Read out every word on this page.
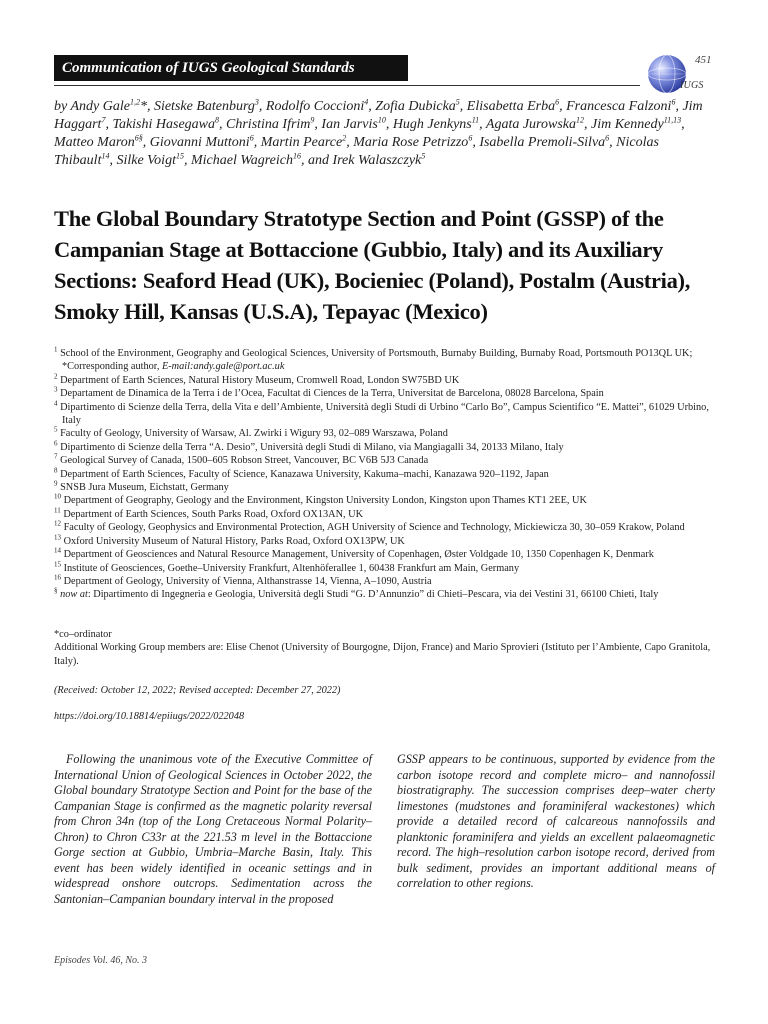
Communication of IUGS Geological Standards	451
IUGS
by Andy Gale$^{1,2}$*, Sietske Batenburg$^3$, Rodolfo Coccioni$^4$, Zofia Dubicka$^5$, Elisabetta Erba$^6$, Francesca Falzoni$^6$, Jim Haggart$^7$, Takishi Hasegawa$^8$, Christina Ifrim$^9$, Ian Jarvis$^{10}$, Hugh Jenkyns$^{11}$, Agata Jurowska$^{12}$, Jim Kennedy$^{11,13}$, Matteo Maron$^{6\S}$, Giovanni Muttoni$^6$, Martin Pearce$^2$, Maria Rose Petrizzo$^6$, Isabella Premoli-Silva$^6$, Nicolas Thibault$^{14}$, Silke Voigt$^{15}$, Michael Wagreich$^{16}$, and Irek Walaszczyk$^5$
The Global Boundary Stratotype Section and Point (GSSP) of the Campanian Stage at Bottaccione (Gubbio, Italy) and its Auxiliary Sections: Seaford Head (UK), Bocieniec (Poland), Postalm (Austria), Smoky Hill, Kansas (U.S.A), Tepayac (Mexico)

$^1$ School of the Environment, Geography and Geological Sciences, University of Portsmouth, Burnaby Building, Burnaby Road, Portsmouth PO13QL UK; *Corresponding author, E-mail:andy.gale@port.ac.uk

$^2$ Department of Earth Sciences, Natural History Museum, Cromwell Road, London SW75BD UK

$^3$ Departament de Dinamica de la Terra i de l’Ocea, Facultat di Ciences de la Terra, Universitat de Barcelona, 08028 Barcelona, Spain

$^4$ Dipartimento di Scienze della Terra, della Vita e dell’Ambiente, Università degli Studi di Urbino “Carlo Bo”, Campus Scientifico “E. Mattei”, 61029 Urbino, Italy

$^5$ Faculty of Geology, University of Warsaw, Al. Zwirki i Wigury 93, 02–089 Warszawa, Poland

$^6$ Dipartimento di Scienze della Terra “A. Desio”, Università degli Studi di Milano, via Mangiagalli 34, 20133 Milano, Italy

$^7$ Geological Survey of Canada, 1500–605 Robson Street, Vancouver, BC V6B 5J3 Canada

$^8$ Department of Earth Sciences, Faculty of Science, Kanazawa University, Kakuma–machi, Kanazawa 920–1192, Japan

$^9$ SNSB Jura Museum, Eichstatt, Germany

$^{10}$ Department of Geography, Geology and the Environment, Kingston University London, Kingston upon Thames KT1 2EE, UK

$^{11}$ Department of Earth Sciences, South Parks Road, Oxford OX13AN, UK

$^{12}$ Faculty of Geology, Geophysics and Environmental Protection, AGH University of Science and Technology, Mickiewicza 30, 30–059 Krakow, Poland

$^{13}$ Oxford University Museum of Natural History, Parks Road, Oxford OX13PW, UK

$^{14}$ Department of Geosciences and Natural Resource Management, University of Copenhagen, Øster Voldgade 10, 1350 Copenhagen K, Denmark

$^{15}$ Institute of Geosciences, Goethe–University Frankfurt, Altenhöferallee 1, 60438 Frankfurt am Main, Germany

$^{16}$ Department of Geology, University of Vienna, Althanstrasse 14, Vienna, A–1090, Austria

§ now at: Dipartimento di Ingegneria e Geologia, Università degli Studi “G. D’Annunzio” di Chieti–Pescara, via dei Vestini 31, 66100 Chieti, Italy

*co–ordinator

Additional Working Group members are: Elise Chenot (University of Bourgogne, Dijon, France) and Mario Sprovieri (Istituto per l’Ambiente, Capo Granitola, Italy).

(Received: October 12, 2022; Revised accepted: December 27, 2022)
https://doi.org/10.18814/epiiugs/2022/022048

Following the unanimous vote of the Executive Committee of International Union of Geological Sciences in October 2022, the Global boundary Stratotype Section and Point for the base of the Campanian Stage is confirmed as the magnetic polarity reversal from Chron 34n (top of the Long Cretaceous Normal Polarity–Chron) to Chron C33r at the 221.53 m level in the Bottaccione Gorge section at Gubbio, Umbria–Marche Basin, Italy. This event has been widely identified in oceanic settings and in widespread onshore outcrops. Sedimentation across the Santonian–Campanian boundary interval in the proposed

GSSP appears to be continuous, supported by evidence from the carbon isotope record and complete micro– and nannofossil biostratigraphy. The succession comprises deep–water cherty limestones (mudstones and foraminiferal wackestones) which provide a detailed record of calcareous nannofossils and planktonic foraminifera and yields an excellent palaeomagnetic record. The high–resolution carbon isotope record, derived from bulk sediment, provides an important additional means of correlation to other regions.

Episodes Vol. 46, No. 3
